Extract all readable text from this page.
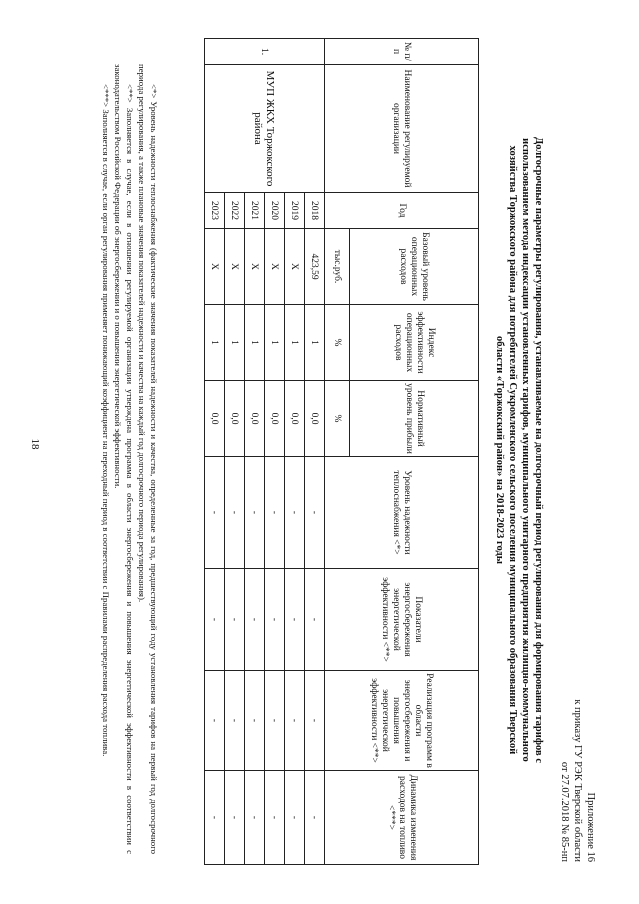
18
Приложение 16
к приказу ГУ РЭК Тверской области
от 27.07.2018 № 85-нп
Долгосрочные параметры регулирования, устанавливаемые на долгосрочный период регулирования для формирования тарифов с использованием метода индексации установленных тарифов, муниципального унитарного предприятия жилищно-коммунального хозяйства Торжокского района для потребителей Сукромленского сельского поселения муниципального образования Тверской области «Торжокский район» на 2018-2023 годы
№ п/п	Наименование регулируемой организации	Год	Базовый уровень операционных расходов	Индекс эффективности операционных расходов	Нормативный уровень прибыли	Уровень надежности теплоснабжения <*>	Показатели энергосбережения энергетической эффективности <**>	Реализация программ в области энергосбережения и повышения энергетической эффективности <**>	Динамика изменения расходов на топливо <***>
			тыс.руб.	%	%				
1.	МУП ЖКХ Торжокского района	2018	423,59	1	0,0	-	-	-	-
		2019	Х	1	0,0	-	-	-	-
		2020	Х	1	0,0	-	-	-	-
		2021	Х	1	0,0	-	-	-	-
		2022	Х	1	0,0	-	-	-	-
		2023	Х	1	0,0	-	-	-	-

<*> Уровень надежности теплоснабжения (фактические значения показателей надежности и качества, определенные за год, предшествующий году установления тарифов на первый год долгосрочного периода регулирования, а также плановые значения показателей надежности и качества на каждый год долгосрочного периода регулирования).

<**> Заполняется в случае, если в отношении регулируемой организации утверждена программа в области энергосбережения и повышения энергетической эффективности в соответствии с законодательством Российской Федерации об энергосбережении и о повышении энергетической эффективности.

<***> Заполняется в случае, если орган регулирования применяет понижающий коэффициент на переходный период в соответствии с Правилами распределения расхода топлива.
